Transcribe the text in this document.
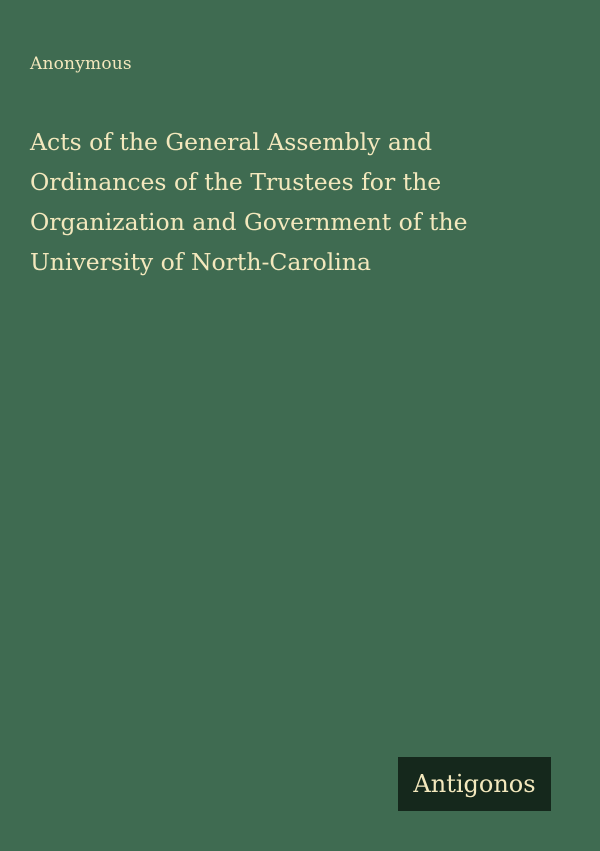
Anonymous
Acts of the General Assembly and
Ordinances of the Trustees for the
Organization and Government of the
University of North-Carolina
Antigonos
